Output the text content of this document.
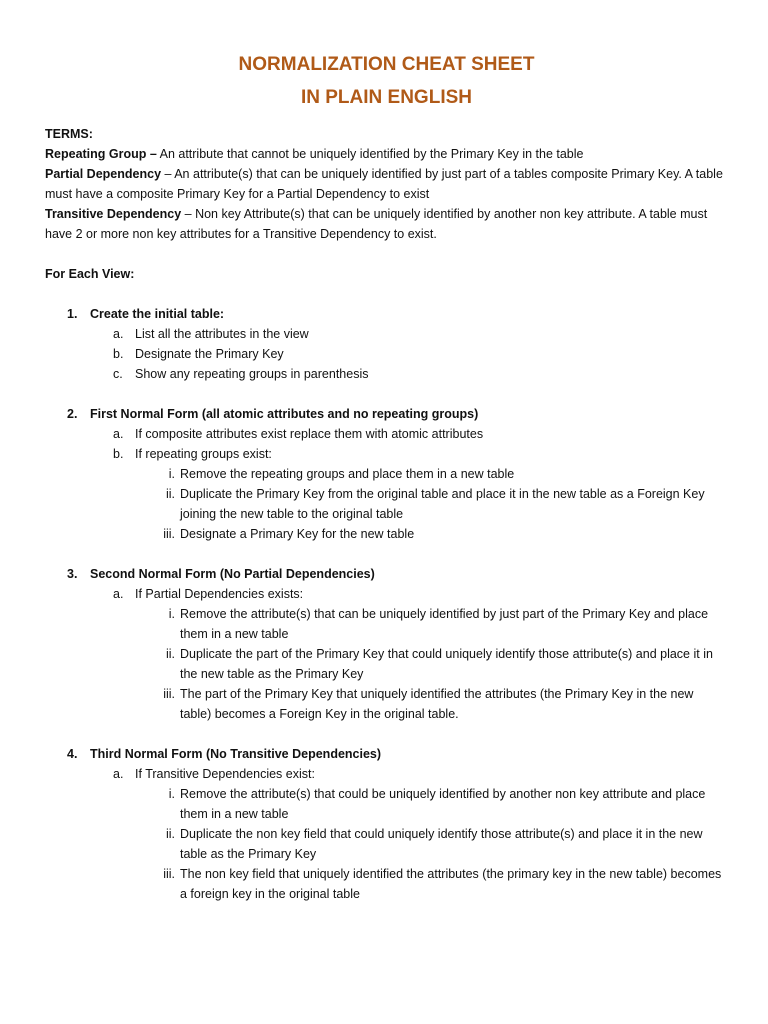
NORMALIZATION CHEAT SHEET
IN PLAIN ENGLISH
TERMS:
Repeating Group – An attribute that cannot be uniquely identified by the Primary Key in the table
Partial Dependency – An attribute(s) that can be uniquely identified by just part of a tables composite Primary Key. A table must have a composite Primary Key for a Partial Dependency to exist
Transitive Dependency – Non key Attribute(s) that can be uniquely identified by another non key attribute. A table must have 2 or more non key attributes for a Transitive Dependency to exist.
For Each View:
1. Create the initial table:
a. List all the attributes in the view
b. Designate the Primary Key
c. Show any repeating groups in parenthesis
2. First Normal Form (all atomic attributes and no repeating groups)
a. If composite attributes exist replace them with atomic attributes
b. If repeating groups exist:
i. Remove the repeating groups and place them in a new table
ii. Duplicate the Primary Key from the original table and place it in the new table as a Foreign Key joining the new table to the original table
iii. Designate a Primary Key for the new table
3. Second Normal Form (No Partial Dependencies)
a. If Partial Dependencies exists:
i. Remove the attribute(s) that can be uniquely identified by just part of the Primary Key and place them in a new table
ii. Duplicate the part of the Primary Key that could uniquely identify those attribute(s) and place it in the new table as the Primary Key
iii. The part of the Primary Key that uniquely identified the attributes (the Primary Key in the new table) becomes a Foreign Key in the original table.
4. Third Normal Form (No Transitive Dependencies)
a. If Transitive Dependencies exist:
i. Remove the attribute(s) that could be uniquely identified by another non key attribute and place them in a new table
ii. Duplicate the non key field that could uniquely identify those attribute(s) and place it in the new table as the Primary Key
iii. The non key field that uniquely identified the attributes (the primary key in the new table) becomes a foreign key in the original table
